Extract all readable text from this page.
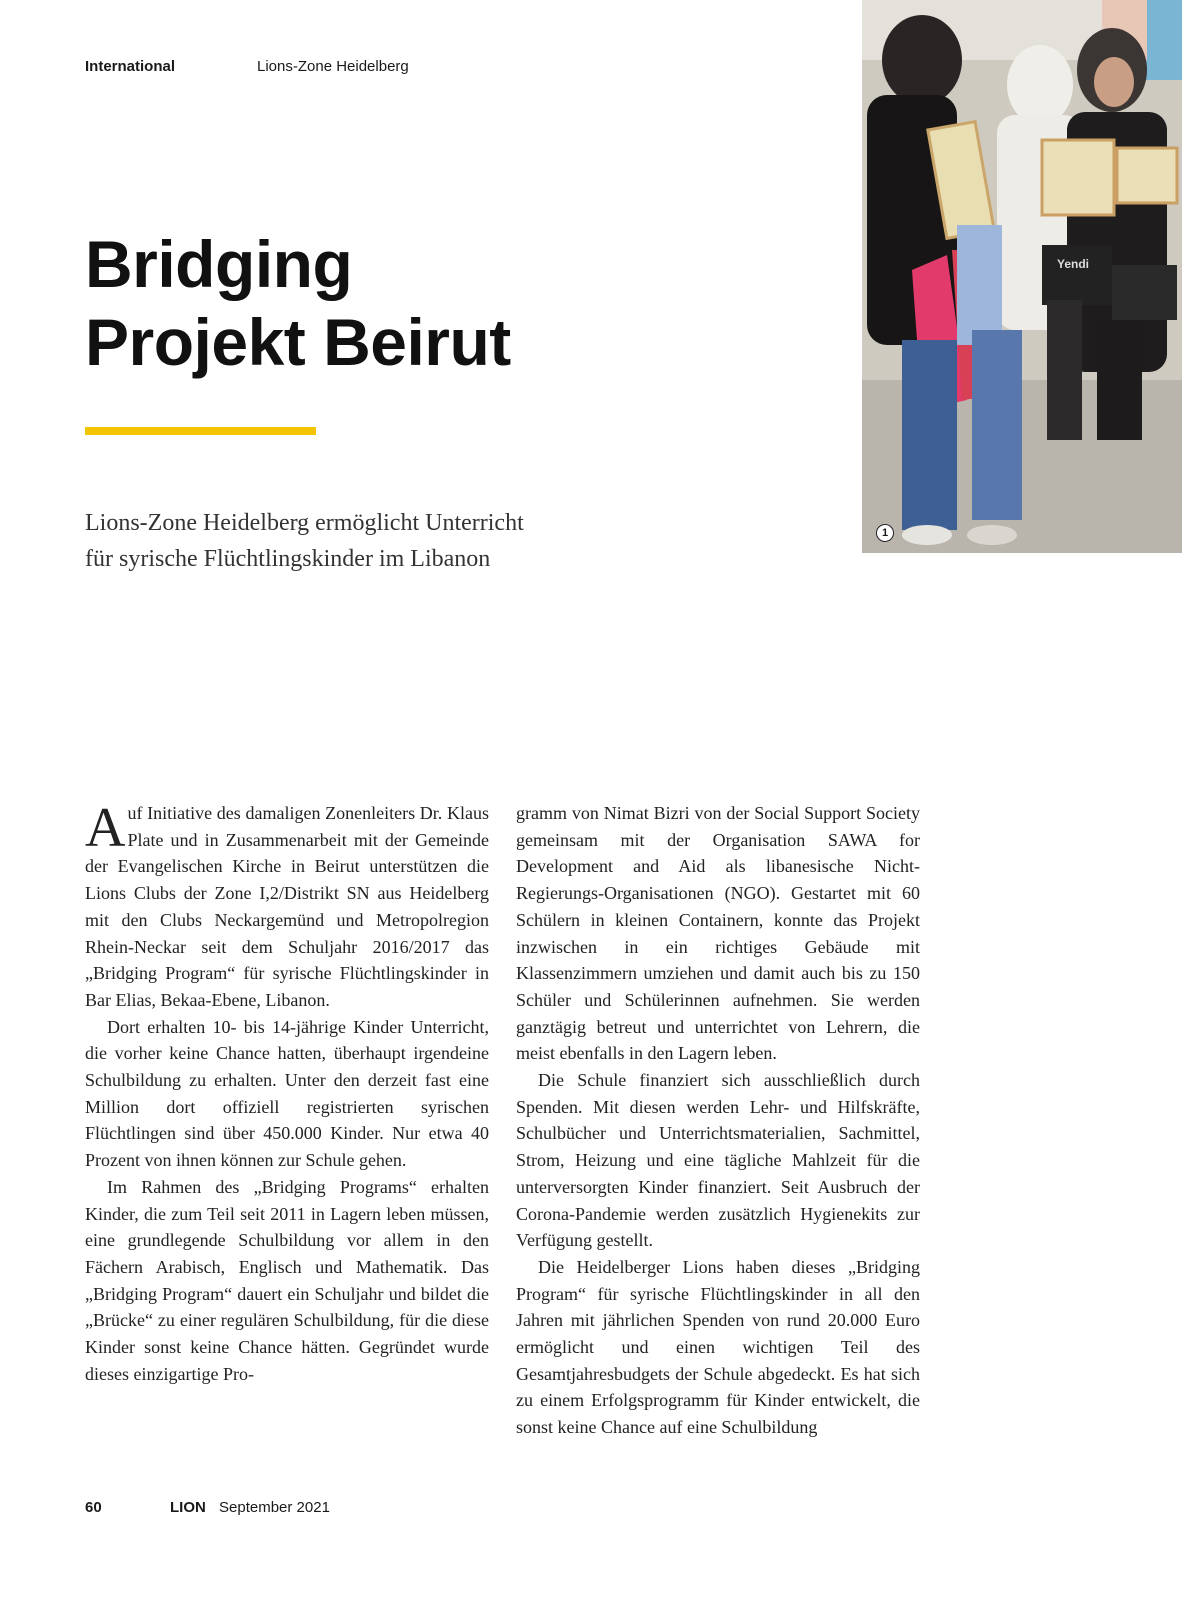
International	Lions-Zone Heidelberg
Yendi
1
Bridging
Projekt Beirut
Lions-Zone Heidelberg ermöglicht Unterricht
für syrische Flüchtlingskinder im Libanon

Auf Initiative des damaligen Zonenleiters Dr. Klaus Plate und in Zusammenarbeit mit der Gemeinde der Evangelischen Kirche in Beirut unterstützen die Lions Clubs der Zone I,2/Distrikt SN aus Heidelberg mit den Clubs Neckargemünd und Metropolregion Rhein-Neckar seit dem Schuljahr 2016/2017 das „Bridging Program“ für syrische Flüchtlingskinder in Bar Elias, Bekaa-Ebene, Libanon.

Dort erhalten 10- bis 14-jährige Kinder Unterricht, die vorher keine Chance hatten, überhaupt irgendeine Schulbildung zu erhalten. Unter den derzeit fast eine Million dort offiziell registrierten syrischen Flüchtlingen sind über 450.000 Kinder. Nur etwa 40 Prozent von ihnen können zur Schule gehen.

Im Rahmen des „Bridging Programs“ erhalten Kinder, die zum Teil seit 2011 in Lagern leben müssen, eine grundlegende Schulbildung vor allem in den Fächern Arabisch, Englisch und Mathematik. Das „Bridging Program“ dauert ein Schuljahr und bildet die „Brücke“ zu einer regulären Schulbildung, für die diese Kinder sonst keine Chance hätten. Gegründet wurde dieses einzigartige Pro-

gramm von Nimat Bizri von der Social Support Society gemeinsam mit der Organisation SAWA for Development and Aid als libanesische Nicht-Regierungs-Organisationen (NGO). Gestartet mit 60 Schülern in kleinen Containern, konnte das Projekt inzwischen in ein richtiges Gebäude mit Klassenzimmern umziehen und damit auch bis zu 150 Schüler und Schülerinnen aufnehmen. Sie werden ganztägig betreut und unterrichtet von Lehrern, die meist ebenfalls in den Lagern leben.

Die Schule finanziert sich ausschließlich durch Spenden. Mit diesen werden Lehr- und Hilfskräfte, Schulbücher und Unterrichtsmaterialien, Sachmittel, Strom, Heizung und eine tägliche Mahlzeit für die unterversorgten Kinder finanziert. Seit Ausbruch der Corona-Pandemie werden zusätzlich Hygienekits zur Verfügung gestellt.

Die Heidelberger Lions haben dieses „Bridging Program“ für syrische Flüchtlingskinder in all den Jahren mit jährlichen Spenden von rund 20.000 Euro ermöglicht und einen wichtigen Teil des Gesamtjahresbudgets der Schule abgedeckt. Es hat sich zu einem Erfolgsprogramm für Kinder entwickelt, die sonst keine Chance auf eine Schulbildung

60	LION September 2021
